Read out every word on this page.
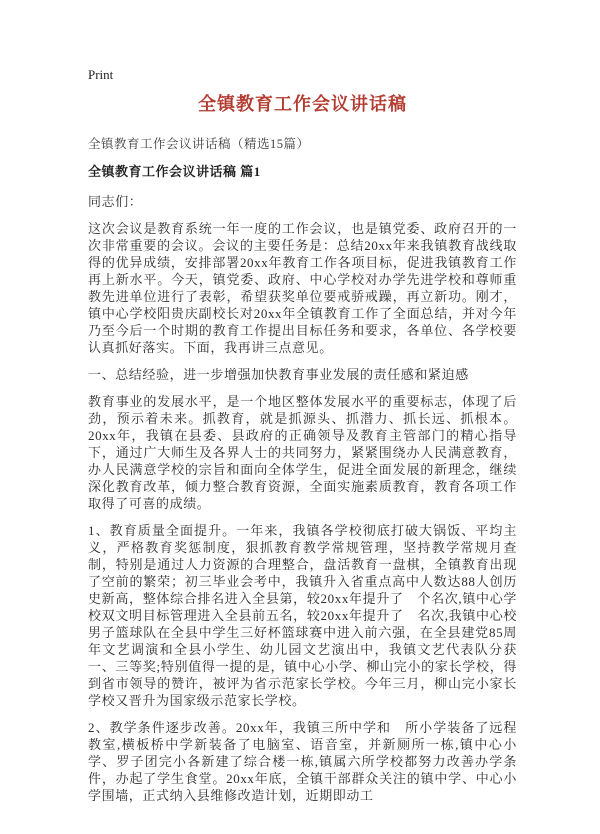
Print
全镇教育工作会议讲话稿

全镇教育工作会议讲话稿（精选15篇）

全镇教育工作会议讲话稿 篇1

同志们：

这次会议是教育系统一年一度的工作会议，也是镇党委、政府召开的一次非常重要的会议。会议的主要任务是：总结20xx年来我镇教育战线取得的优异成绩，安排部署20xx年教育工作各项目标，促进我镇教育工作再上新水平。今天，镇党委、政府、中心学校对办学先进学校和尊师重教先进单位进行了表彰，希望获奖单位要戒骄戒躁，再立新功。刚才，镇中心学校阳贵庆副校长对20xx年全镇教育工作了全面总结，并对今年乃至今后一个时期的教育工作提出目标任务和要求，各单位、各学校要认真抓好落实。下面，我再讲三点意见。

一、总结经验，进一步增强加快教育事业发展的责任感和紧迫感

教育事业的发展水平，是一个地区整体发展水平的重要标志，体现了后劲，预示着未来。抓教育，就是抓源头、抓潜力、抓长远、抓根本。20xx年，我镇在县委、县政府的正确领导及教育主管部门的精心指导下，通过广大师生及各界人士的共同努力，紧紧围绕办人民满意教育，办人民满意学校的宗旨和面向全体学生，促进全面发展的新理念，继续深化教育改革，倾力整合教育资源，全面实施素质教育，教育各项工作取得了可喜的成绩。

1、教育质量全面提升。一年来，我镇各学校彻底打破大锅饭、平均主义，严格教育奖惩制度，狠抓教育教学常规管理，坚持教学常规月查制，特别是通过人力资源的合理整合，盘活教育一盘棋，全镇教育出现了空前的繁荣；初三毕业会考中，我镇升入省重点高中人数达88人创历史新高，整体综合排名进入全县第，较20xx年提升了　个名次,镇中心学校双文明目标管理进入全县前五名，较20xx年提升了　名次,我镇中心校男子篮球队在全县中学生三好杯篮球赛中进入前六强，在全县建党85周年文艺调演和全县小学生、幼儿园文艺演出中，我镇文艺代表队分获一、三等奖;特别值得一提的是，镇中心小学、柳山完小的家长学校，得到省市领导的赞许，被评为省示范家长学校。今年三月，柳山完小家长学校又晋升为国家级示范家长学校。

2、教学条件逐步改善。20xx年，我镇三所中学和　所小学装备了远程教室,横板桥中学新装备了电脑室、语音室，并新厕所一栋,镇中心小学、罗子团完小各新建了综合楼一栋,镇属六所学校都努力改善办学条件，办起了学生食堂。20xx年底，全镇干部群众关注的镇中学、中心小学围墙，正式纳入县维修改造计划，近期即动工
